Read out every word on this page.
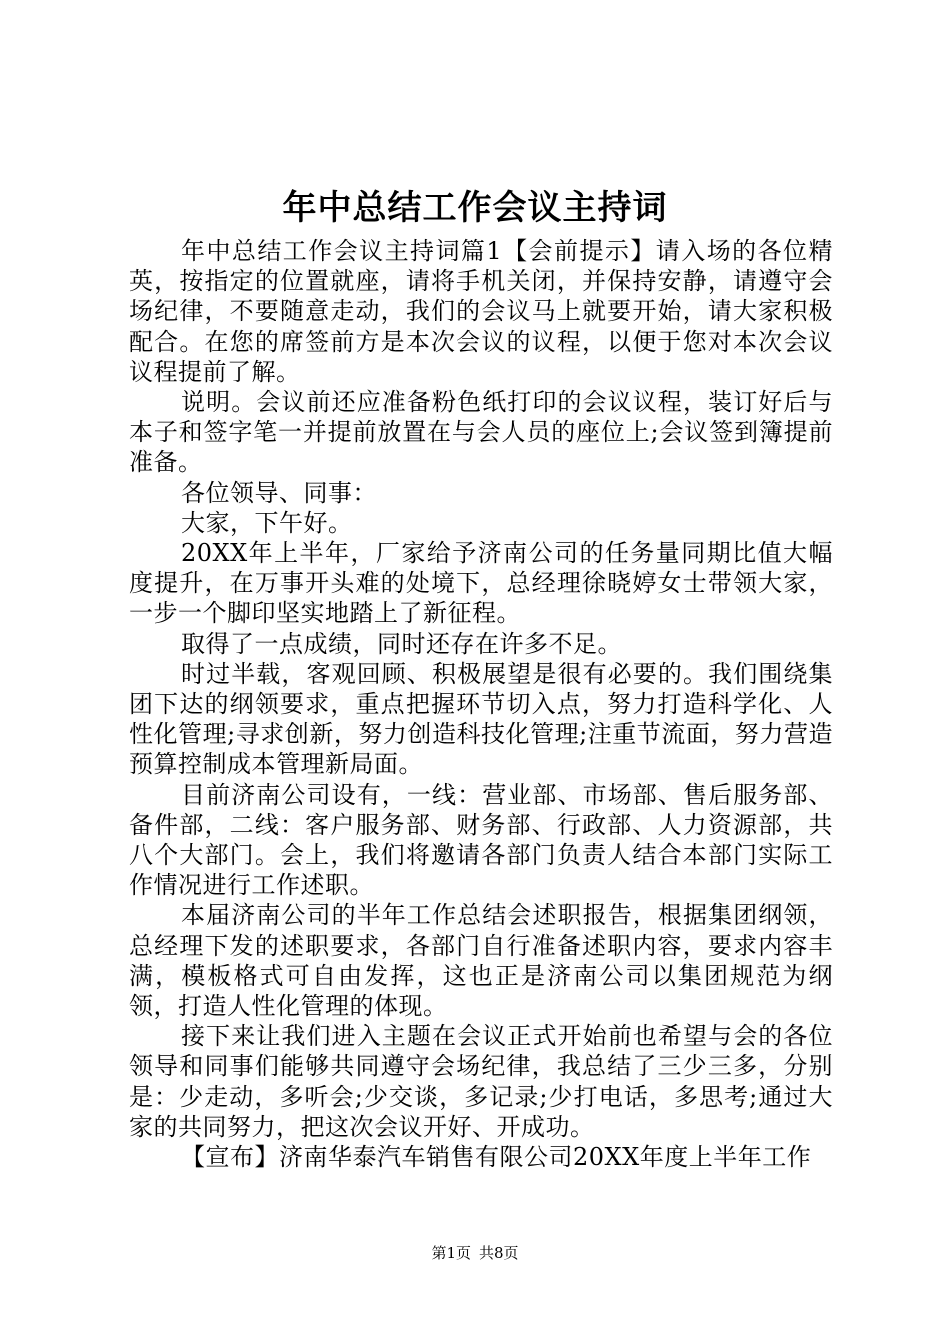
年中总结工作会议主持词

年中总结工作会议主持词篇1【会前提示】请入场的各位精英，按指定的位置就座，请将手机关闭，并保持安静，请遵守会场纪律，不要随意走动，我们的会议马上就要开始，请大家积极配合。在您的席签前方是本次会议的议程，以便于您对本次会议议程提前了解。

说明。会议前还应准备粉色纸打印的会议议程，装订好后与本子和签字笔一并提前放置在与会人员的座位上;会议签到簿提前准备。

各位领导、同事：

大家，下午好。

20XX年上半年，厂家给予济南公司的任务量同期比值大幅度提升，在万事开头难的处境下，总经理徐晓婷女士带领大家，一步一个脚印坚实地踏上了新征程。

取得了一点成绩，同时还存在许多不足。

时过半载，客观回顾、积极展望是很有必要的。我们围绕集团下达的纲领要求，重点把握环节切入点，努力打造科学化、人性化管理;寻求创新，努力创造科技化管理;注重节流面，努力营造预算控制成本管理新局面。

目前济南公司设有，一线：营业部、市场部、售后服务部、备件部，二线：客户服务部、财务部、行政部、人力资源部，共八个大部门。会上，我们将邀请各部门负责人结合本部门实际工作情况进行工作述职。

本届济南公司的半年工作总结会述职报告，根据集团纲领，总经理下发的述职要求，各部门自行准备述职内容，要求内容丰满，模板格式可自由发挥，这也正是济南公司以集团规范为纲领，打造人性化管理的体现。

接下来让我们进入主题在会议正式开始前也希望与会的各位领导和同事们能够共同遵守会场纪律，我总结了三少三多，分别是：少走动，多听会;少交谈，多记录;少打电话，多思考;通过大家的共同努力，把这次会议开好、开成功。

【宣布】济南华泰汽车销售有限公司20XX年度上半年工作

第1页 共8页
